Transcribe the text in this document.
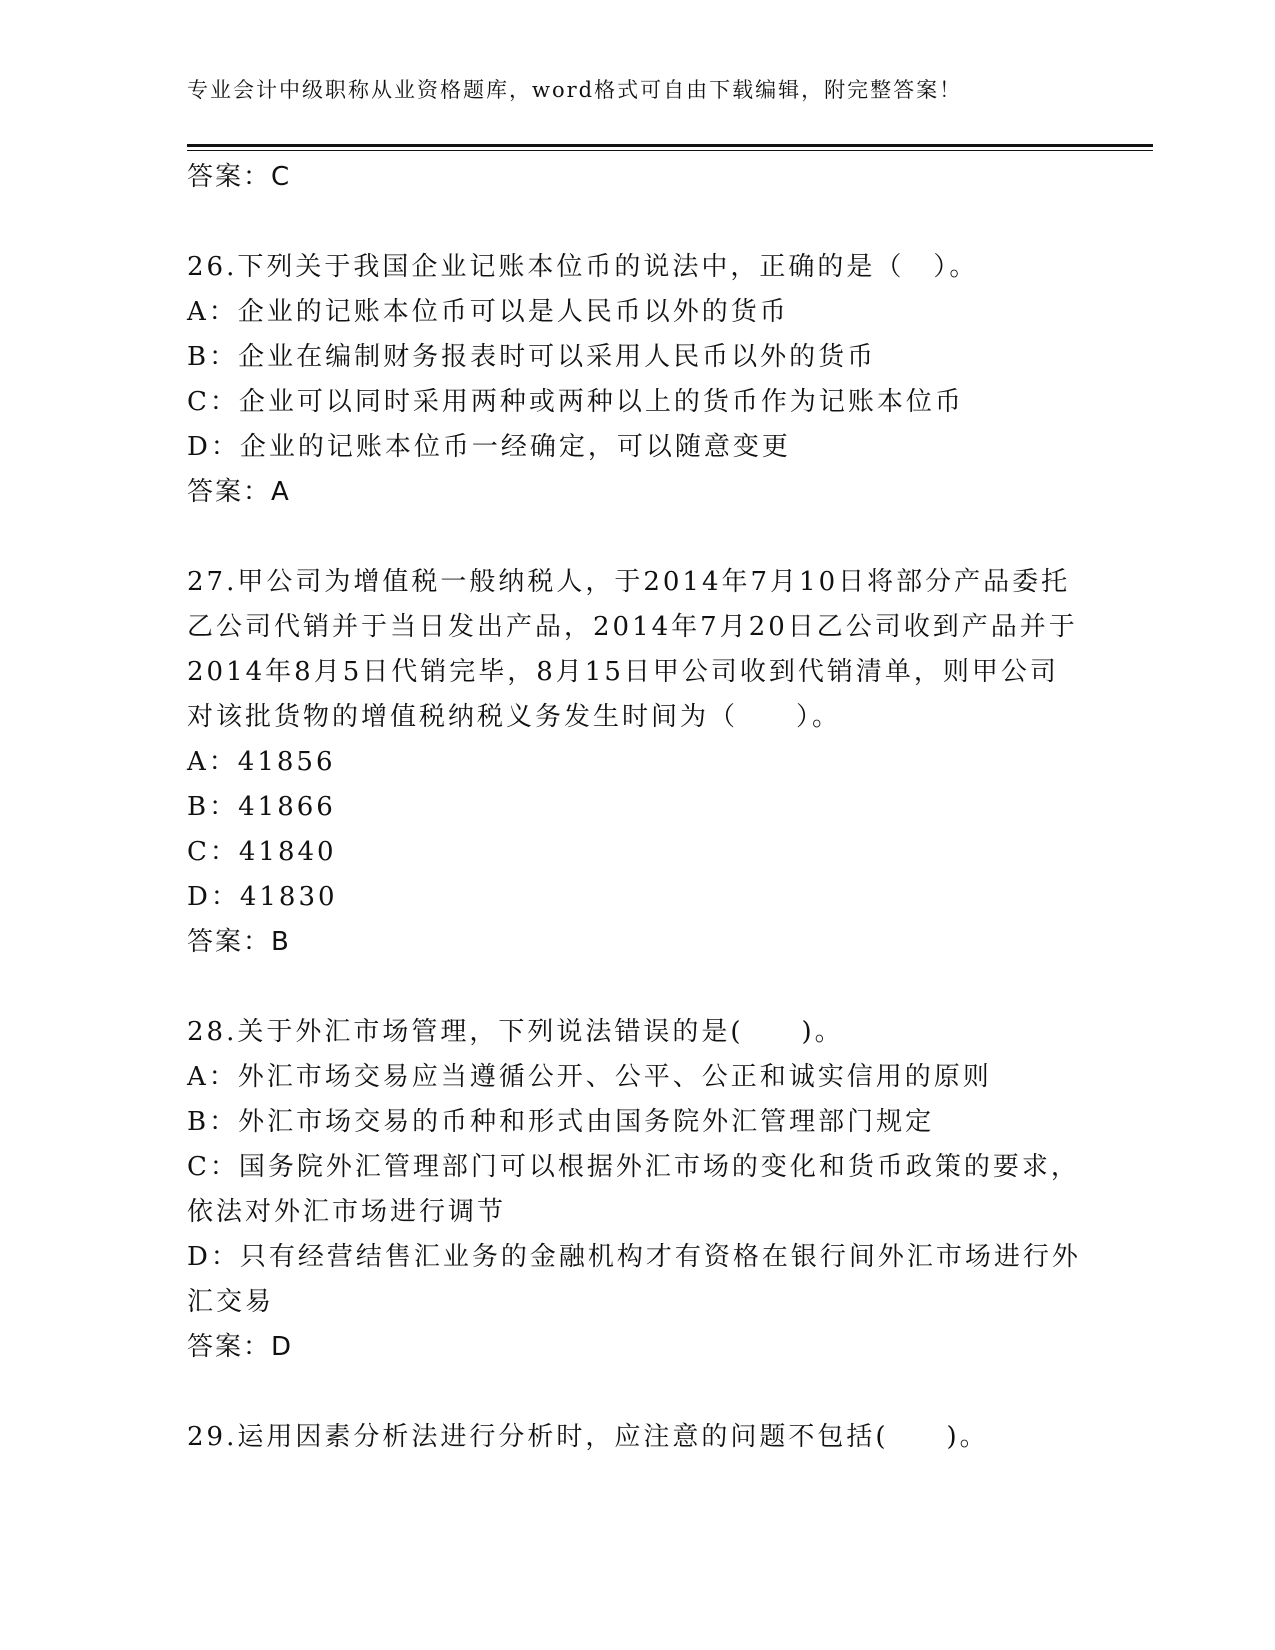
专业会计中级职称从业资格题库，word格式可自由下载编辑，附完整答案！
答案：C
26.下列关于我国企业记账本位币的说法中，正确的是（　）。
A：企业的记账本位币可以是人民币以外的货币
B：企业在编制财务报表时可以采用人民币以外的货币
C：企业可以同时采用两种或两种以上的货币作为记账本位币
D：企业的记账本位币一经确定，可以随意变更
答案：A
27.甲公司为增值税一般纳税人，于2014年7月10日将部分产品委托
乙公司代销并于当日发出产品，2014年7月20日乙公司收到产品并于
2014年8月5日代销完毕，8月15日甲公司收到代销清单，则甲公司
对该批货物的增值税纳税义务发生时间为（　　）。
A：41856
B：41866
C：41840
D：41830
答案：B
28.关于外汇市场管理，下列说法错误的是(　　)。
A：外汇市场交易应当遵循公开、公平、公正和诚实信用的原则
B：外汇市场交易的币种和形式由国务院外汇管理部门规定
C：国务院外汇管理部门可以根据外汇市场的变化和货币政策的要求，
依法对外汇市场进行调节
D：只有经营结售汇业务的金融机构才有资格在银行间外汇市场进行外
汇交易
答案：D
29.运用因素分析法进行分析时，应注意的问题不包括(　　)。
